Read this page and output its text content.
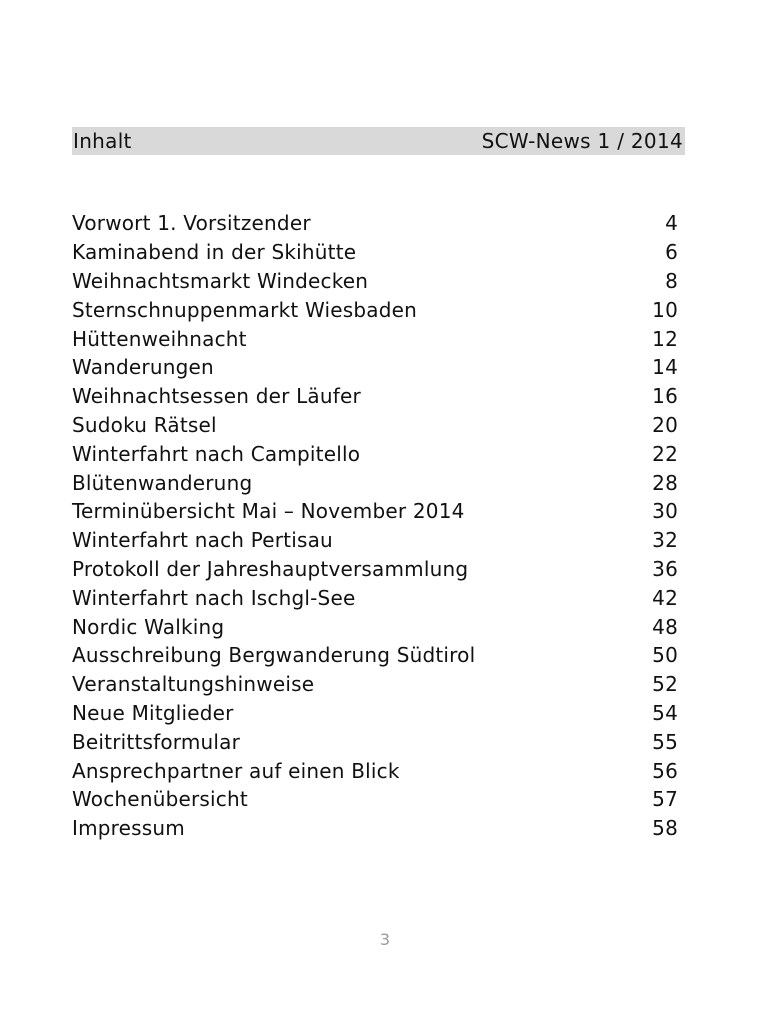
Inhalt	SCW-News 1 / 2014
Vorwort 1. Vorsitzender	4
Kaminabend in der Skihütte	6
Weihnachtsmarkt Windecken	8
Sternschnuppenmarkt Wiesbaden	10
Hüttenweihnacht	12
Wanderungen	14
Weihnachtsessen der Läufer	16
Sudoku Rätsel	20
Winterfahrt nach Campitello	22
Blütenwanderung	28
Terminübersicht Mai – November 2014	30
Winterfahrt nach Pertisau	32
Protokoll der Jahreshauptversammlung	36
Winterfahrt nach Ischgl-See	42
Nordic Walking	48
Ausschreibung Bergwanderung Südtirol	50
Veranstaltungshinweise	52
Neue Mitglieder	54
Beitrittsformular	55
Ansprechpartner auf einen Blick	56
Wochenübersicht	57
Impressum	58
3
